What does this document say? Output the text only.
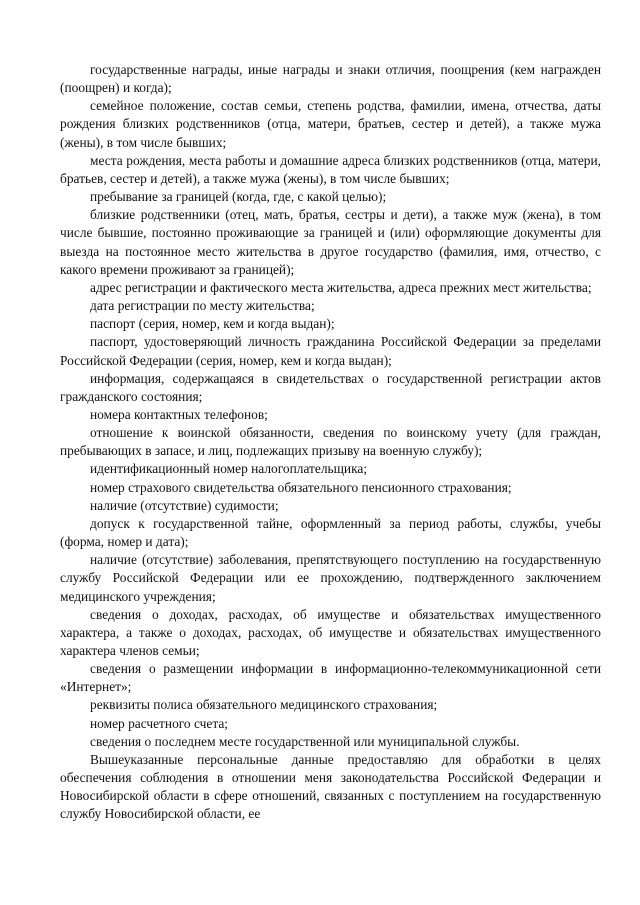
государственные награды, иные награды и знаки отличия, поощрения (кем награжден (поощрен) и когда);

семейное положение, состав семьи, степень родства, фамилии, имена, отчества, даты рождения близких родственников (отца, матери, братьев, сестер и детей), а также мужа (жены), в том числе бывших;

места рождения, места работы и домашние адреса близких родственников (отца, матери, братьев, сестер и детей), а также мужа (жены), в том числе бывших;

пребывание за границей (когда, где, с какой целью);

близкие родственники (отец, мать, братья, сестры и дети), а также муж (жена), в том числе бывшие, постоянно проживающие за границей и (или) оформляющие документы для выезда на постоянное место жительства в другое государство (фамилия, имя, отчество, с какого времени проживают за границей);

адрес регистрации и фактического места жительства, адреса прежних мест жительства;

дата регистрации по месту жительства;

паспорт (серия, номер, кем и когда выдан);

паспорт, удостоверяющий личность гражданина Российской Федерации за пределами Российской Федерации (серия, номер, кем и когда выдан);

информация, содержащаяся в свидетельствах о государственной регистрации актов гражданского состояния;

номера контактных телефонов;

отношение к воинской обязанности, сведения по воинскому учету (для граждан, пребывающих в запасе, и лиц, подлежащих призыву на военную службу);

идентификационный номер налогоплательщика;

номер страхового свидетельства обязательного пенсионного страхования;

наличие (отсутствие) судимости;

допуск к государственной тайне, оформленный за период работы, службы, учебы (форма, номер и дата);

наличие (отсутствие) заболевания, препятствующего поступлению на государственную службу Российской Федерации или ее прохождению, подтвержденного заключением медицинского учреждения;

сведения о доходах, расходах, об имуществе и обязательствах имущественного характера, а также о доходах, расходах, об имуществе и обязательствах имущественного характера членов семьи;

сведения о размещении информации в информационно-телекоммуникационной сети «Интернет»;

реквизиты полиса обязательного медицинского страхования;

номер расчетного счета;

сведения о последнем месте государственной или муниципальной службы.

Вышеуказанные персональные данные предоставляю для обработки в целях обеспечения соблюдения в отношении меня законодательства Российской Федерации и Новосибирской области в сфере отношений, связанных с поступлением на государственную службу Новосибирской области, ее
